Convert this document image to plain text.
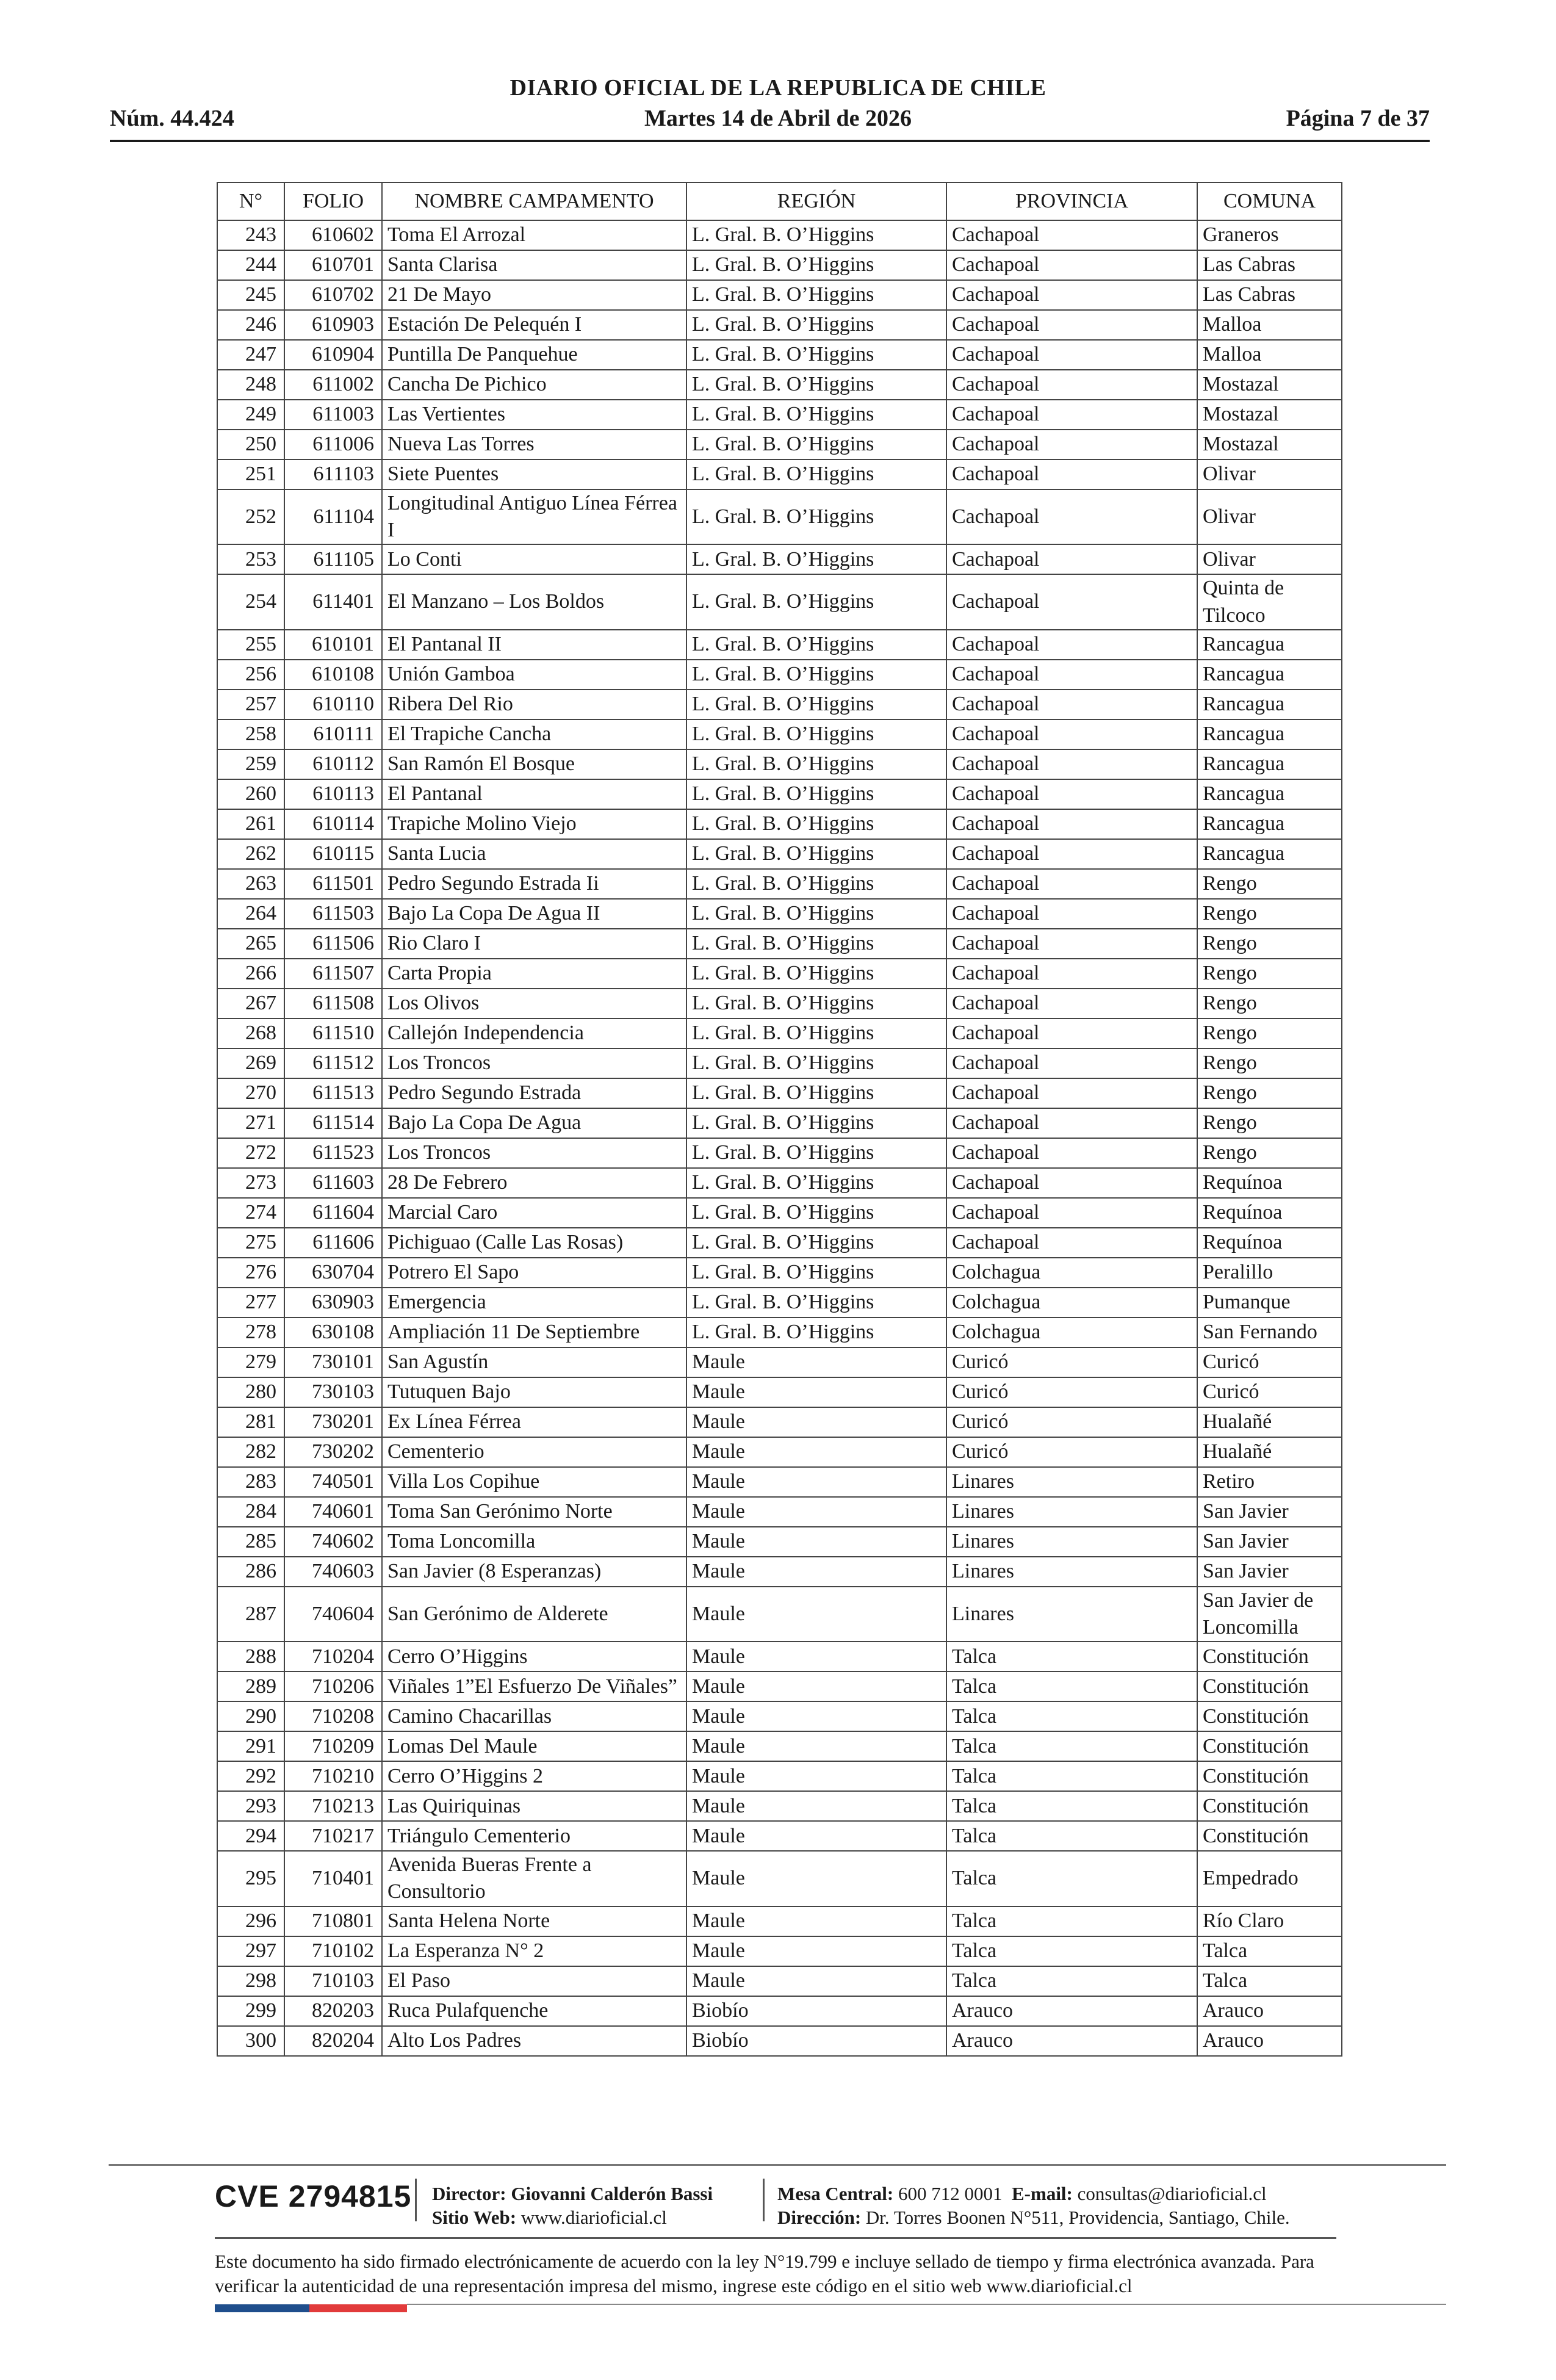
DIARIO OFICIAL DE LA REPUBLICA DE CHILE
Núm. 44.424	Martes 14 de Abril de 2026	Página 7 de 37
N°	FOLIO	NOMBRE CAMPAMENTO	REGIÓN	PROVINCIA	COMUNA
243	610602	Toma El Arrozal	L. Gral. B. O’Higgins	Cachapoal	Graneros
244	610701	Santa Clarisa	L. Gral. B. O’Higgins	Cachapoal	Las Cabras
245	610702	21 De Mayo	L. Gral. B. O’Higgins	Cachapoal	Las Cabras
246	610903	Estación De Pelequén I	L. Gral. B. O’Higgins	Cachapoal	Malloa
247	610904	Puntilla De Panquehue	L. Gral. B. O’Higgins	Cachapoal	Malloa
248	611002	Cancha De Pichico	L. Gral. B. O’Higgins	Cachapoal	Mostazal
249	611003	Las Vertientes	L. Gral. B. O’Higgins	Cachapoal	Mostazal
250	611006	Nueva Las Torres	L. Gral. B. O’Higgins	Cachapoal	Mostazal
251	611103	Siete Puentes	L. Gral. B. O’Higgins	Cachapoal	Olivar
252	611104	Longitudinal Antiguo Línea Férrea I	L. Gral. B. O’Higgins	Cachapoal	Olivar
253	611105	Lo Conti	L. Gral. B. O’Higgins	Cachapoal	Olivar
254	611401	El Manzano – Los Boldos	L. Gral. B. O’Higgins	Cachapoal	Quinta de Tilcoco
255	610101	El Pantanal II	L. Gral. B. O’Higgins	Cachapoal	Rancagua
256	610108	Unión Gamboa	L. Gral. B. O’Higgins	Cachapoal	Rancagua
257	610110	Ribera Del Rio	L. Gral. B. O’Higgins	Cachapoal	Rancagua
258	610111	El Trapiche Cancha	L. Gral. B. O’Higgins	Cachapoal	Rancagua
259	610112	San Ramón El Bosque	L. Gral. B. O’Higgins	Cachapoal	Rancagua
260	610113	El Pantanal	L. Gral. B. O’Higgins	Cachapoal	Rancagua
261	610114	Trapiche Molino Viejo	L. Gral. B. O’Higgins	Cachapoal	Rancagua
262	610115	Santa Lucia	L. Gral. B. O’Higgins	Cachapoal	Rancagua
263	611501	Pedro Segundo Estrada Ii	L. Gral. B. O’Higgins	Cachapoal	Rengo
264	611503	Bajo La Copa De Agua II	L. Gral. B. O’Higgins	Cachapoal	Rengo
265	611506	Rio Claro I	L. Gral. B. O’Higgins	Cachapoal	Rengo
266	611507	Carta Propia	L. Gral. B. O’Higgins	Cachapoal	Rengo
267	611508	Los Olivos	L. Gral. B. O’Higgins	Cachapoal	Rengo
268	611510	Callejón Independencia	L. Gral. B. O’Higgins	Cachapoal	Rengo
269	611512	Los Troncos	L. Gral. B. O’Higgins	Cachapoal	Rengo
270	611513	Pedro Segundo Estrada	L. Gral. B. O’Higgins	Cachapoal	Rengo
271	611514	Bajo La Copa De Agua	L. Gral. B. O’Higgins	Cachapoal	Rengo
272	611523	Los Troncos	L. Gral. B. O’Higgins	Cachapoal	Rengo
273	611603	28 De Febrero	L. Gral. B. O’Higgins	Cachapoal	Requínoa
274	611604	Marcial Caro	L. Gral. B. O’Higgins	Cachapoal	Requínoa
275	611606	Pichiguao (Calle Las Rosas)	L. Gral. B. O’Higgins	Cachapoal	Requínoa
276	630704	Potrero El Sapo	L. Gral. B. O’Higgins	Colchagua	Peralillo
277	630903	Emergencia	L. Gral. B. O’Higgins	Colchagua	Pumanque
278	630108	Ampliación 11 De Septiembre	L. Gral. B. O’Higgins	Colchagua	San Fernando
279	730101	San Agustín	Maule	Curicó	Curicó
280	730103	Tutuquen Bajo	Maule	Curicó	Curicó
281	730201	Ex Línea Férrea	Maule	Curicó	Hualañé
282	730202	Cementerio	Maule	Curicó	Hualañé
283	740501	Villa Los Copihue	Maule	Linares	Retiro
284	740601	Toma San Gerónimo Norte	Maule	Linares	San Javier
285	740602	Toma Loncomilla	Maule	Linares	San Javier
286	740603	San Javier (8 Esperanzas)	Maule	Linares	San Javier
287	740604	San Gerónimo de Alderete	Maule	Linares	San Javier de Loncomilla
288	710204	Cerro O’Higgins	Maule	Talca	Constitución
289	710206	Viñales 1”El Esfuerzo De Viñales”	Maule	Talca	Constitución
290	710208	Camino Chacarillas	Maule	Talca	Constitución
291	710209	Lomas Del Maule	Maule	Talca	Constitución
292	710210	Cerro O’Higgins 2	Maule	Talca	Constitución
293	710213	Las Quiriquinas	Maule	Talca	Constitución
294	710217	Triángulo Cementerio	Maule	Talca	Constitución
295	710401	Avenida Bueras Frente a Consultorio	Maule	Talca	Empedrado
296	710801	Santa Helena Norte	Maule	Talca	Río Claro
297	710102	La Esperanza N° 2	Maule	Talca	Talca
298	710103	El Paso	Maule	Talca	Talca
299	820203	Ruca Pulafquenche	Biobío	Arauco	Arauco
300	820204	Alto Los Padres	Biobío	Arauco	Arauco
CVE 2794815 Director: Giovanni Calderón Bassi
Sitio Web: www.diarioficial.cl
Mesa Central: 600 712 0001 E-mail: consultas@diarioficial.cl
Dirección: Dr. Torres Boonen N°511, Providencia, Santiago, Chile.
Este documento ha sido firmado electrónicamente de acuerdo con la ley N°19.799 e incluye sellado de tiempo y firma electrónica avanzada. Para verificar la autenticidad de una representación impresa del mismo, ingrese este código en el sitio web www.diarioficial.cl
